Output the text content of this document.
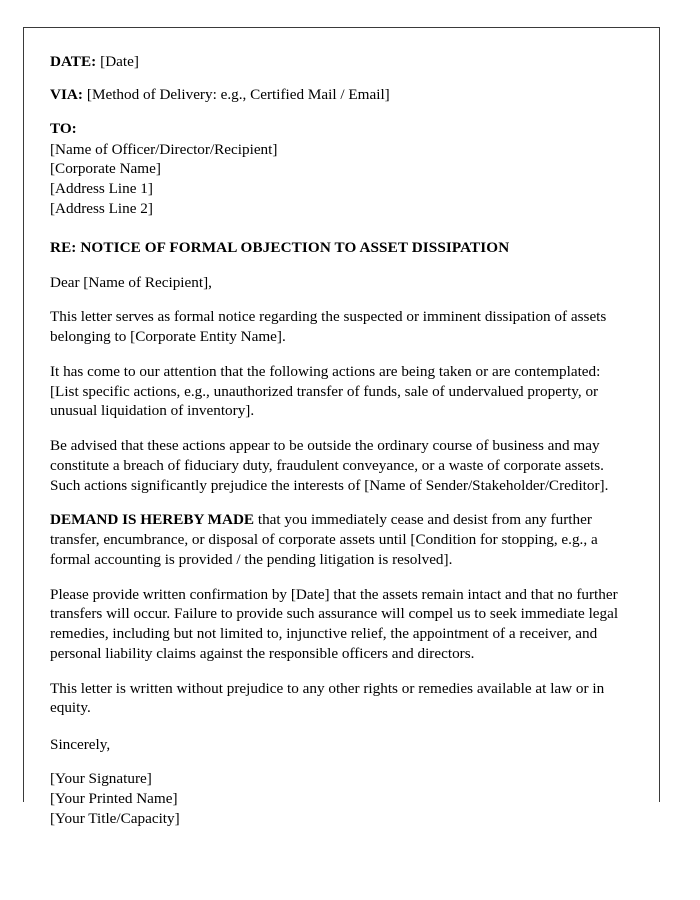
DATE: [Date]
VIA: [Method of Delivery: e.g., Certified Mail / Email]
TO:
[Name of Officer/Director/Recipient]
[Corporate Name]
[Address Line 1]
[Address Line 2]
RE: NOTICE OF FORMAL OBJECTION TO ASSET DISSIPATION
Dear [Name of Recipient],
This letter serves as formal notice regarding the suspected or imminent dissipation of assets belonging to [Corporate Entity Name].
It has come to our attention that the following actions are being taken or are contemplated: [List specific actions, e.g., unauthorized transfer of funds, sale of undervalued property, or unusual liquidation of inventory].
Be advised that these actions appear to be outside the ordinary course of business and may constitute a breach of fiduciary duty, fraudulent conveyance, or a waste of corporate assets. Such actions significantly prejudice the interests of [Name of Sender/Stakeholder/Creditor].
DEMAND IS HEREBY MADE that you immediately cease and desist from any further transfer, encumbrance, or disposal of corporate assets until [Condition for stopping, e.g., a formal accounting is provided / the pending litigation is resolved].
Please provide written confirmation by [Date] that the assets remain intact and that no further transfers will occur. Failure to provide such assurance will compel us to seek immediate legal remedies, including but not limited to, injunctive relief, the appointment of a receiver, and personal liability claims against the responsible officers and directors.
This letter is written without prejudice to any other rights or remedies available at law or in equity.
Sincerely,
[Your Signature]
[Your Printed Name]
[Your Title/Capacity]
